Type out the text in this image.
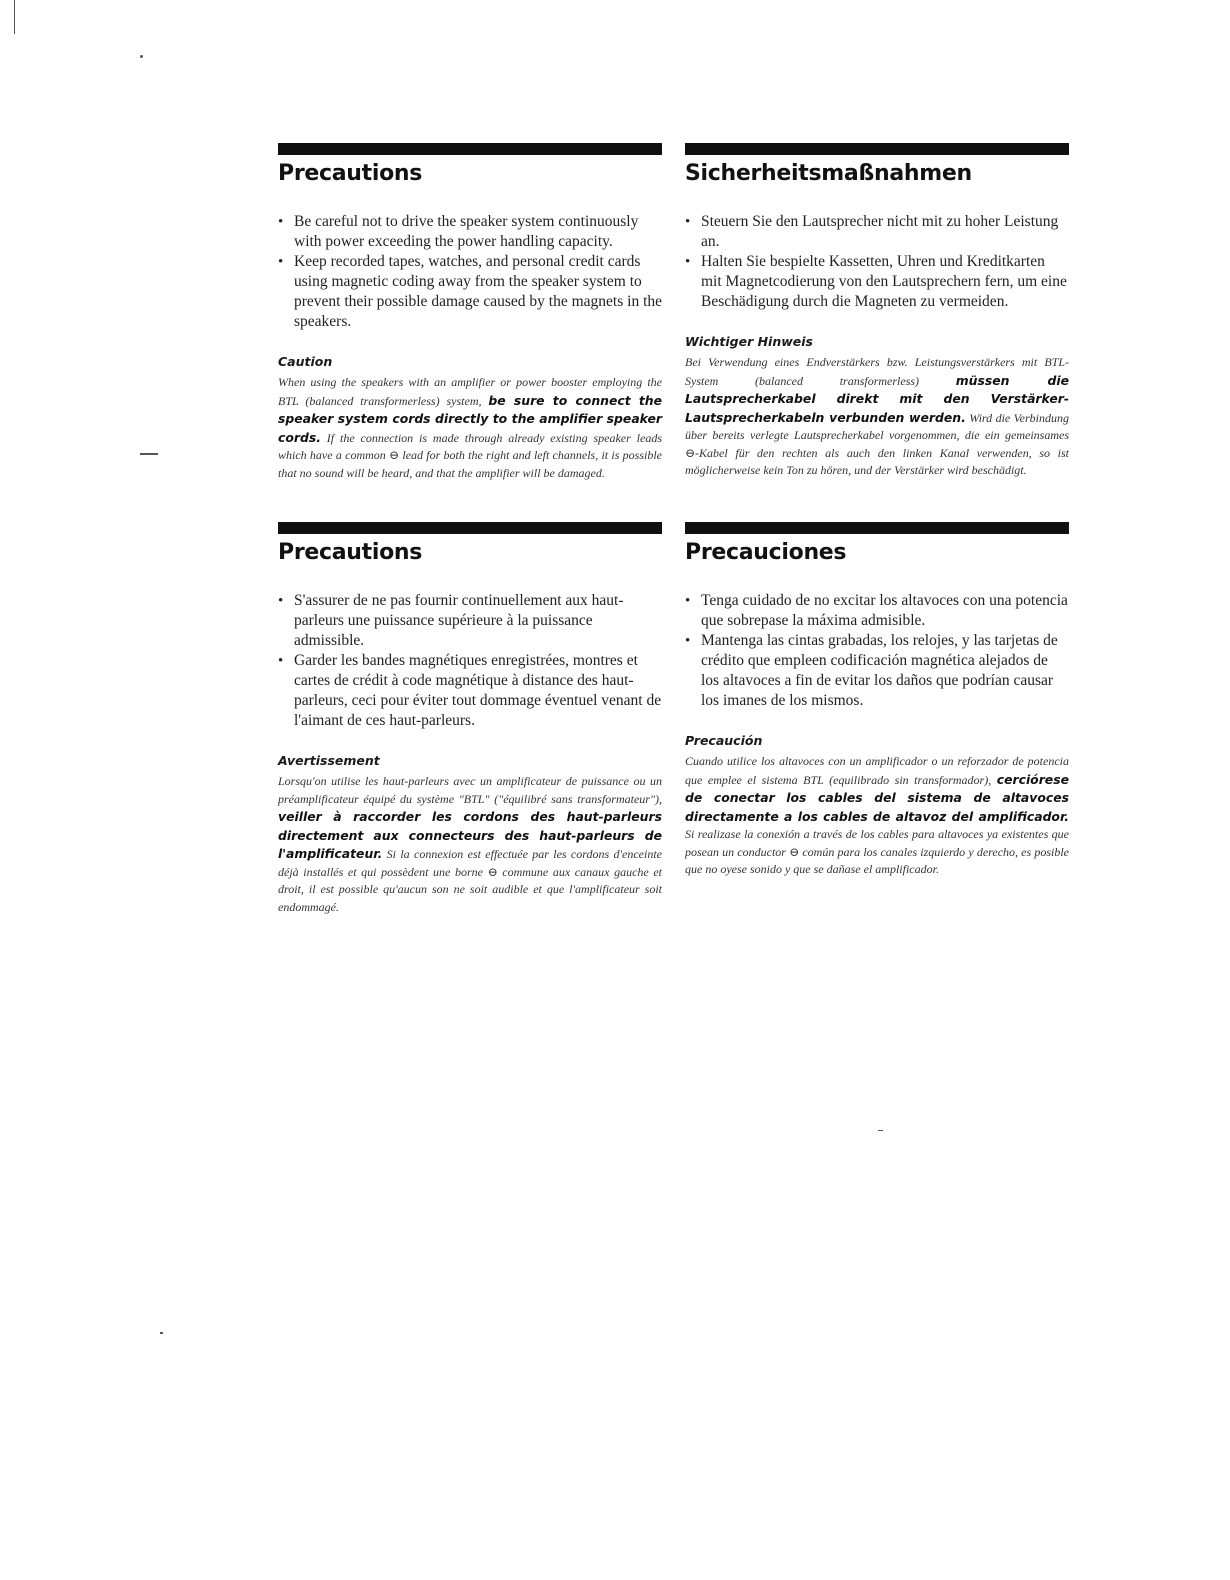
Precautions
• Be careful not to drive the speaker system continuously with power exceeding the power handling capacity.
• Keep recorded tapes, watches, and personal credit cards using magnetic coding away from the speaker system to prevent their possible damage caused by the magnets in the speakers.
Caution

When using the speakers with an amplifier or power booster employing the BTL (balanced transformerless) system, be sure to connect the speaker system cords directly to the amplifier speaker cords. If the connection is made through already existing speaker leads which have a common ⊖ lead for both the right and left channels, it is possible that no sound will be heard, and that the amplifier will be damaged.

Sicherheitsmaßnahmen
• Steuern Sie den Lautsprecher nicht mit zu hoher Leistung an.
• Halten Sie bespielte Kassetten, Uhren und Kreditkarten mit Magnetcodierung von den Lautsprechern fern, um eine Beschädigung durch die Magneten zu vermeiden.
Wichtiger Hinweis

Bei Verwendung eines Endverstärkers bzw. Leistungsverstärkers mit BTL-System (balanced transformerless) müssen die Lautsprecherkabel direkt mit den Verstärker-Lautsprecherkabeln verbunden werden. Wird die Verbindung über bereits verlegte Lautsprecherkabel vorgenommen, die ein gemeinsames ⊖-Kabel für den rechten als auch den linken Kanal verwenden, so ist möglicherweise kein Ton zu hören, und der Verstärker wird beschädigt.

Precautions
• S'assurer de ne pas fournir continuellement aux haut-parleurs une puissance supérieure à la puissance admissible.
• Garder les bandes magnétiques enregistrées, montres et cartes de crédit à code magnétique à distance des haut-parleurs, ceci pour éviter tout dommage éventuel venant de l'aimant de ces haut-parleurs.
Avertissement

Lorsqu'on utilise les haut-parleurs avec un amplificateur de puissance ou un préamplificateur équipé du système "BTL" ("équilibré sans transformateur"), veiller à raccorder les cordons des haut-parleurs directement aux connecteurs des haut-parleurs de l'amplificateur. Si la connexion est effectuée par les cordons d'enceinte déjà installés et qui possèdent une borne ⊖ commune aux canaux gauche et droit, il est possible qu'aucun son ne soit audible et que l'amplificateur soit endommagé.

Precauciones
• Tenga cuidado de no excitar los altavoces con una potencia que sobrepase la máxima admisible.
• Mantenga las cintas grabadas, los relojes, y las tarjetas de crédito que empleen codificación magnética alejados de los altavoces a fin de evitar los daños que podrían causar los imanes de los mismos.
Precaución

Cuando utilice los altavoces con un amplificador o un reforzador de potencia que emplee el sistema BTL (equilibrado sin transformador), cerciórese de conectar los cables del sistema de altavoces directamente a los cables de altavoz del amplificador. Si realizase la conexión a través de los cables para altavoces ya existentes que posean un conductor ⊖ común para los canales izquierdo y derecho, es posible que no oyese sonido y que se dañase el amplificador.
